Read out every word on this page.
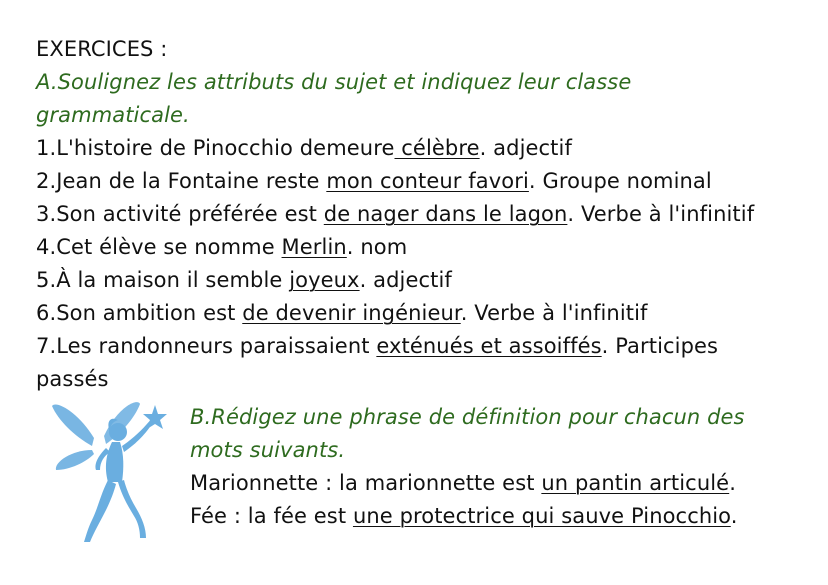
EXERCICES :
A.Soulignez les attributs du sujet et indiquez leur classe
grammaticale.
1.L'histoire de Pinocchio demeure célèbre. adjectif
2.Jean de la Fontaine reste mon conteur favori. Groupe nominal
3.Son activité préférée est de nager dans le lagon. Verbe à l'infinitif
4.Cet élève se nomme Merlin. nom
5.À la maison il semble joyeux. adjectif
6.Son ambition est de devenir ingénieur. Verbe à l'infinitif
7.Les randonneurs paraissaient exténués et assoiffés. Participes
passés
B.Rédigez une phrase de définition pour chacun des
mots suivants.
Marionnette : la marionnette est un pantin articulé.
Fée : la fée est une protectrice qui sauve Pinocchio.
